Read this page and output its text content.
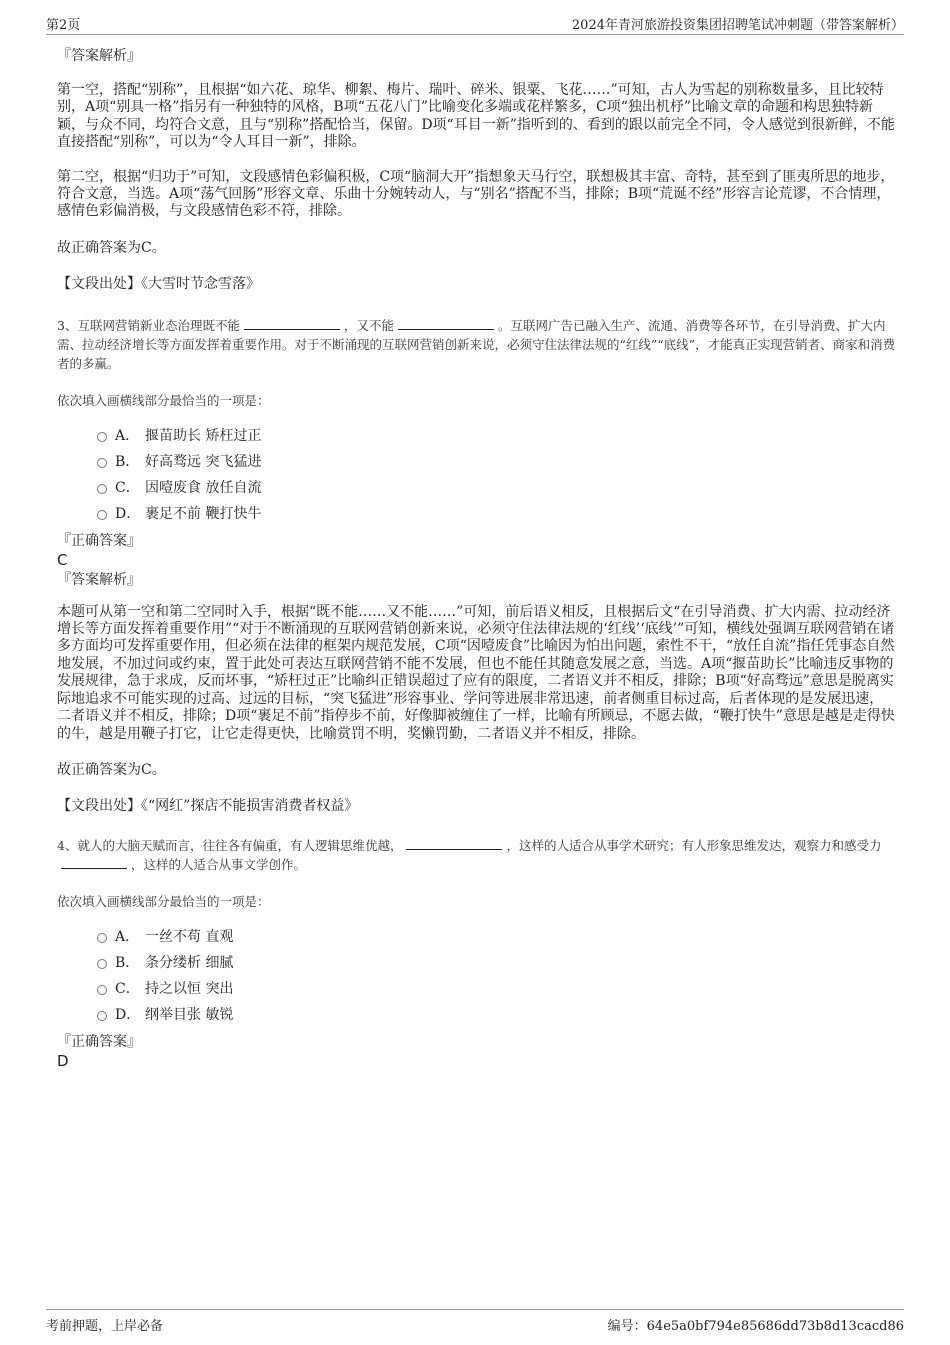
第2页	2024年青河旅游投资集团招聘笔试冲刺题（带答案解析）
『答案解析』

第一空，搭配“别称”，且根据“如六花、琼华、柳絮、梅片、瑞叶、碎米、银粟、飞花……”可知，古人为雪起的别称数量多，且比较特别，A项“别具一格”指另有一种独特的风格，B项“五花八门”比喻变化多端或花样繁多，C项“独出机杼”比喻文章的命题和构思独特新颖，与众不同，均符合文意，且与“别称”搭配恰当，保留。D项“耳目一新”指听到的、看到的跟以前完全不同，令人感觉到很新鲜，不能直接搭配“别称”，可以为“令人耳目一新”，排除。

第二空，根据“归功于”可知，文段感情色彩偏积极，C项“脑洞大开”指想象天马行空，联想极其丰富、奇特，甚至到了匪夷所思的地步，符合文意，当选。A项“荡气回肠”形容文章、乐曲十分婉转动人，与“别名”搭配不当，排除；B项“荒诞不经”形容言论荒谬，不合情理，感情色彩偏消极，与文段感情色彩不符，排除。

故正确答案为C。

【文段出处】《大雪时节念雪落》

3、互联网营销新业态治理既不能	，又不能	。互联网广告已融入生产、流通、消费等各环节，在引导消费、扩大内需、拉动经济增长等方面发挥着重要作用。对于不断涌现的互联网营销创新来说，必须守住法律法规的“红线”“底线”，才能真正实现营销者、商家和消费者的多赢。

依次填入画横线部分最恰当的一项是：

A． 揠苗助长 矫枉过正
B． 好高骛远 突飞猛进
C． 因噎废食 放任自流
D． 裹足不前 鞭打快牛
『正确答案』
C
『答案解析』

本题可从第一空和第二空同时入手，根据“既不能……又不能……”可知，前后语义相反，且根据后文“在引导消费、扩大内需、拉动经济增长等方面发挥着重要作用”“对于不断涌现的互联网营销创新来说，必须守住法律法规的‘红线’‘底线’”可知，横线处强调互联网营销在诸多方面均可发挥重要作用，但必须在法律的框架内规范发展，C项“因噎废食”比喻因为怕出问题，索性不干，“放任自流”指任凭事态自然地发展，不加过问或约束，置于此处可表达互联网营销不能不发展，但也不能任其随意发展之意，当选。A项“揠苗助长”比喻违反事物的发展规律，急于求成，反而坏事，“矫枉过正”比喻纠正错误超过了应有的限度，二者语义并不相反，排除；B项“好高骛远”意思是脱离实际地追求不可能实现的过高、过远的目标，“突飞猛进”形容事业、学问等进展非常迅速，前者侧重目标过高，后者体现的是发展迅速，二者语义并不相反，排除；D项“裹足不前”指停步不前，好像脚被缠住了一样，比喻有所顾忌，不愿去做，“鞭打快牛”意思是越是走得快的牛，越是用鞭子打它，让它走得更快，比喻赏罚不明，奖懒罚勤，二者语义并不相反，排除。

故正确答案为C。

【文段出处】《“网红”探店不能损害消费者权益》

4、就人的大脑天赋而言，往往各有偏重，有人逻辑思维优越，	，这样的人适合从事学术研究；有人形象思维发达，观察力和感受力，这样的人适合从事文学创作。

依次填入画横线部分最恰当的一项是：

A． 一丝不苟 直观
B． 条分缕析 细腻
C． 持之以恒 突出
D． 纲举目张 敏锐
『正确答案』
D
考前押题，上岸必备	编号：64e5a0bf794e85686dd73b8d13cacd86
